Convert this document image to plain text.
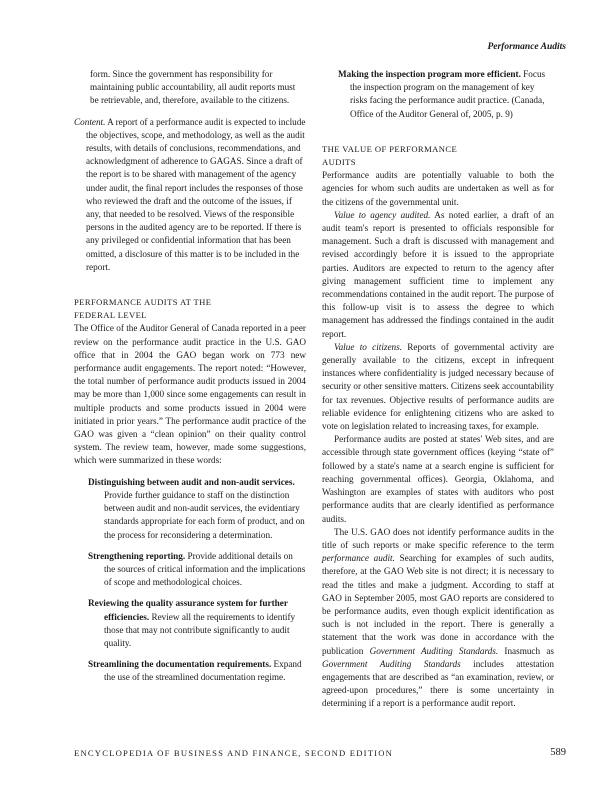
Performance Audits

form. Since the government has responsibility for maintaining public accountability, all audit reports must be retrievable, and, therefore, available to the citizens.

Content. A report of a performance audit is expected to include the objectives, scope, and methodology, as well as the audit results, with details of conclusions, recommendations, and acknowledgment of adherence to GAGAS. Since a draft of the report is to be shared with management of the agency under audit, the final report includes the responses of those who reviewed the draft and the outcome of the issues, if any, that needed to be resolved. Views of the responsible persons in the audited agency are to be reported. If there is any privileged or confidential information that has been omitted, a disclosure of this matter is to be included in the report.

PERFORMANCE AUDITS AT THE
FEDERAL LEVEL

The Office of the Auditor General of Canada reported in a peer review on the performance audit practice in the U.S. GAO office that in 2004 the GAO began work on 773 new performance audit engagements. The report noted: “However, the total number of performance audit products issued in 2004 may be more than 1,000 since some engagements can result in multiple products and some products issued in 2004 were initiated in prior years.” The performance audit practice of the GAO was given a “clean opinion” on their quality control system. The review team, however, made some suggestions, which were summarized in these words:

Distinguishing between audit and non-audit services. Provide further guidance to staff on the distinction between audit and non-audit services, the evidentiary standards appropriate for each form of product, and on the process for reconsidering a determination.

Strengthening reporting. Provide additional details on the sources of critical information and the implications of scope and methodological choices.

Reviewing the quality assurance system for further efficiencies. Review all the requirements to identify those that may not contribute significantly to audit quality.

Streamlining the documentation requirements. Expand the use of the streamlined documentation regime.

Making the inspection program more efficient. Focus the inspection program on the management of key risks facing the performance audit practice. (Canada, Office of the Auditor General of, 2005, p. 9)

THE VALUE OF PERFORMANCE
AUDITS

Performance audits are potentially valuable to both the agencies for whom such audits are undertaken as well as for the citizens of the governmental unit.

Value to agency audited. As noted earlier, a draft of an audit team's report is presented to officials responsible for management. Such a draft is discussed with management and revised accordingly before it is issued to the appropriate parties. Auditors are expected to return to the agency after giving management sufficient time to implement any recommendations contained in the audit report. The purpose of this follow-up visit is to assess the degree to which management has addressed the findings contained in the audit report.

Value to citizens. Reports of governmental activity are generally available to the citizens, except in infrequent instances where confidentiality is judged necessary because of security or other sensitive matters. Citizens seek accountability for tax revenues. Objective results of performance audits are reliable evidence for enlightening citizens who are asked to vote on legislation related to increasing taxes, for example.

Performance audits are posted at states' Web sites, and are accessible through state government offices (keying “state of” followed by a state's name at a search engine is sufficient for reaching governmental offices). Georgia, Oklahoma, and Washington are examples of states with auditors who post performance audits that are clearly identified as performance audits.

The U.S. GAO does not identify performance audits in the title of such reports or make specific reference to the term performance audit. Searching for examples of such audits, therefore, at the GAO Web site is not direct; it is necessary to read the titles and make a judgment. According to staff at GAO in September 2005, most GAO reports are considered to be performance audits, even though explicit identification as such is not included in the report. There is generally a statement that the work was done in accordance with the publication Government Auditing Standards. Inasmuch as Government Auditing Standards includes attestation engagements that are described as “an examination, review, or agreed-upon procedures,” there is some uncertainty in determining if a report is a performance audit report.

ENCYCLOPEDIA OF BUSINESS AND FINANCE, SECOND EDITION	589
